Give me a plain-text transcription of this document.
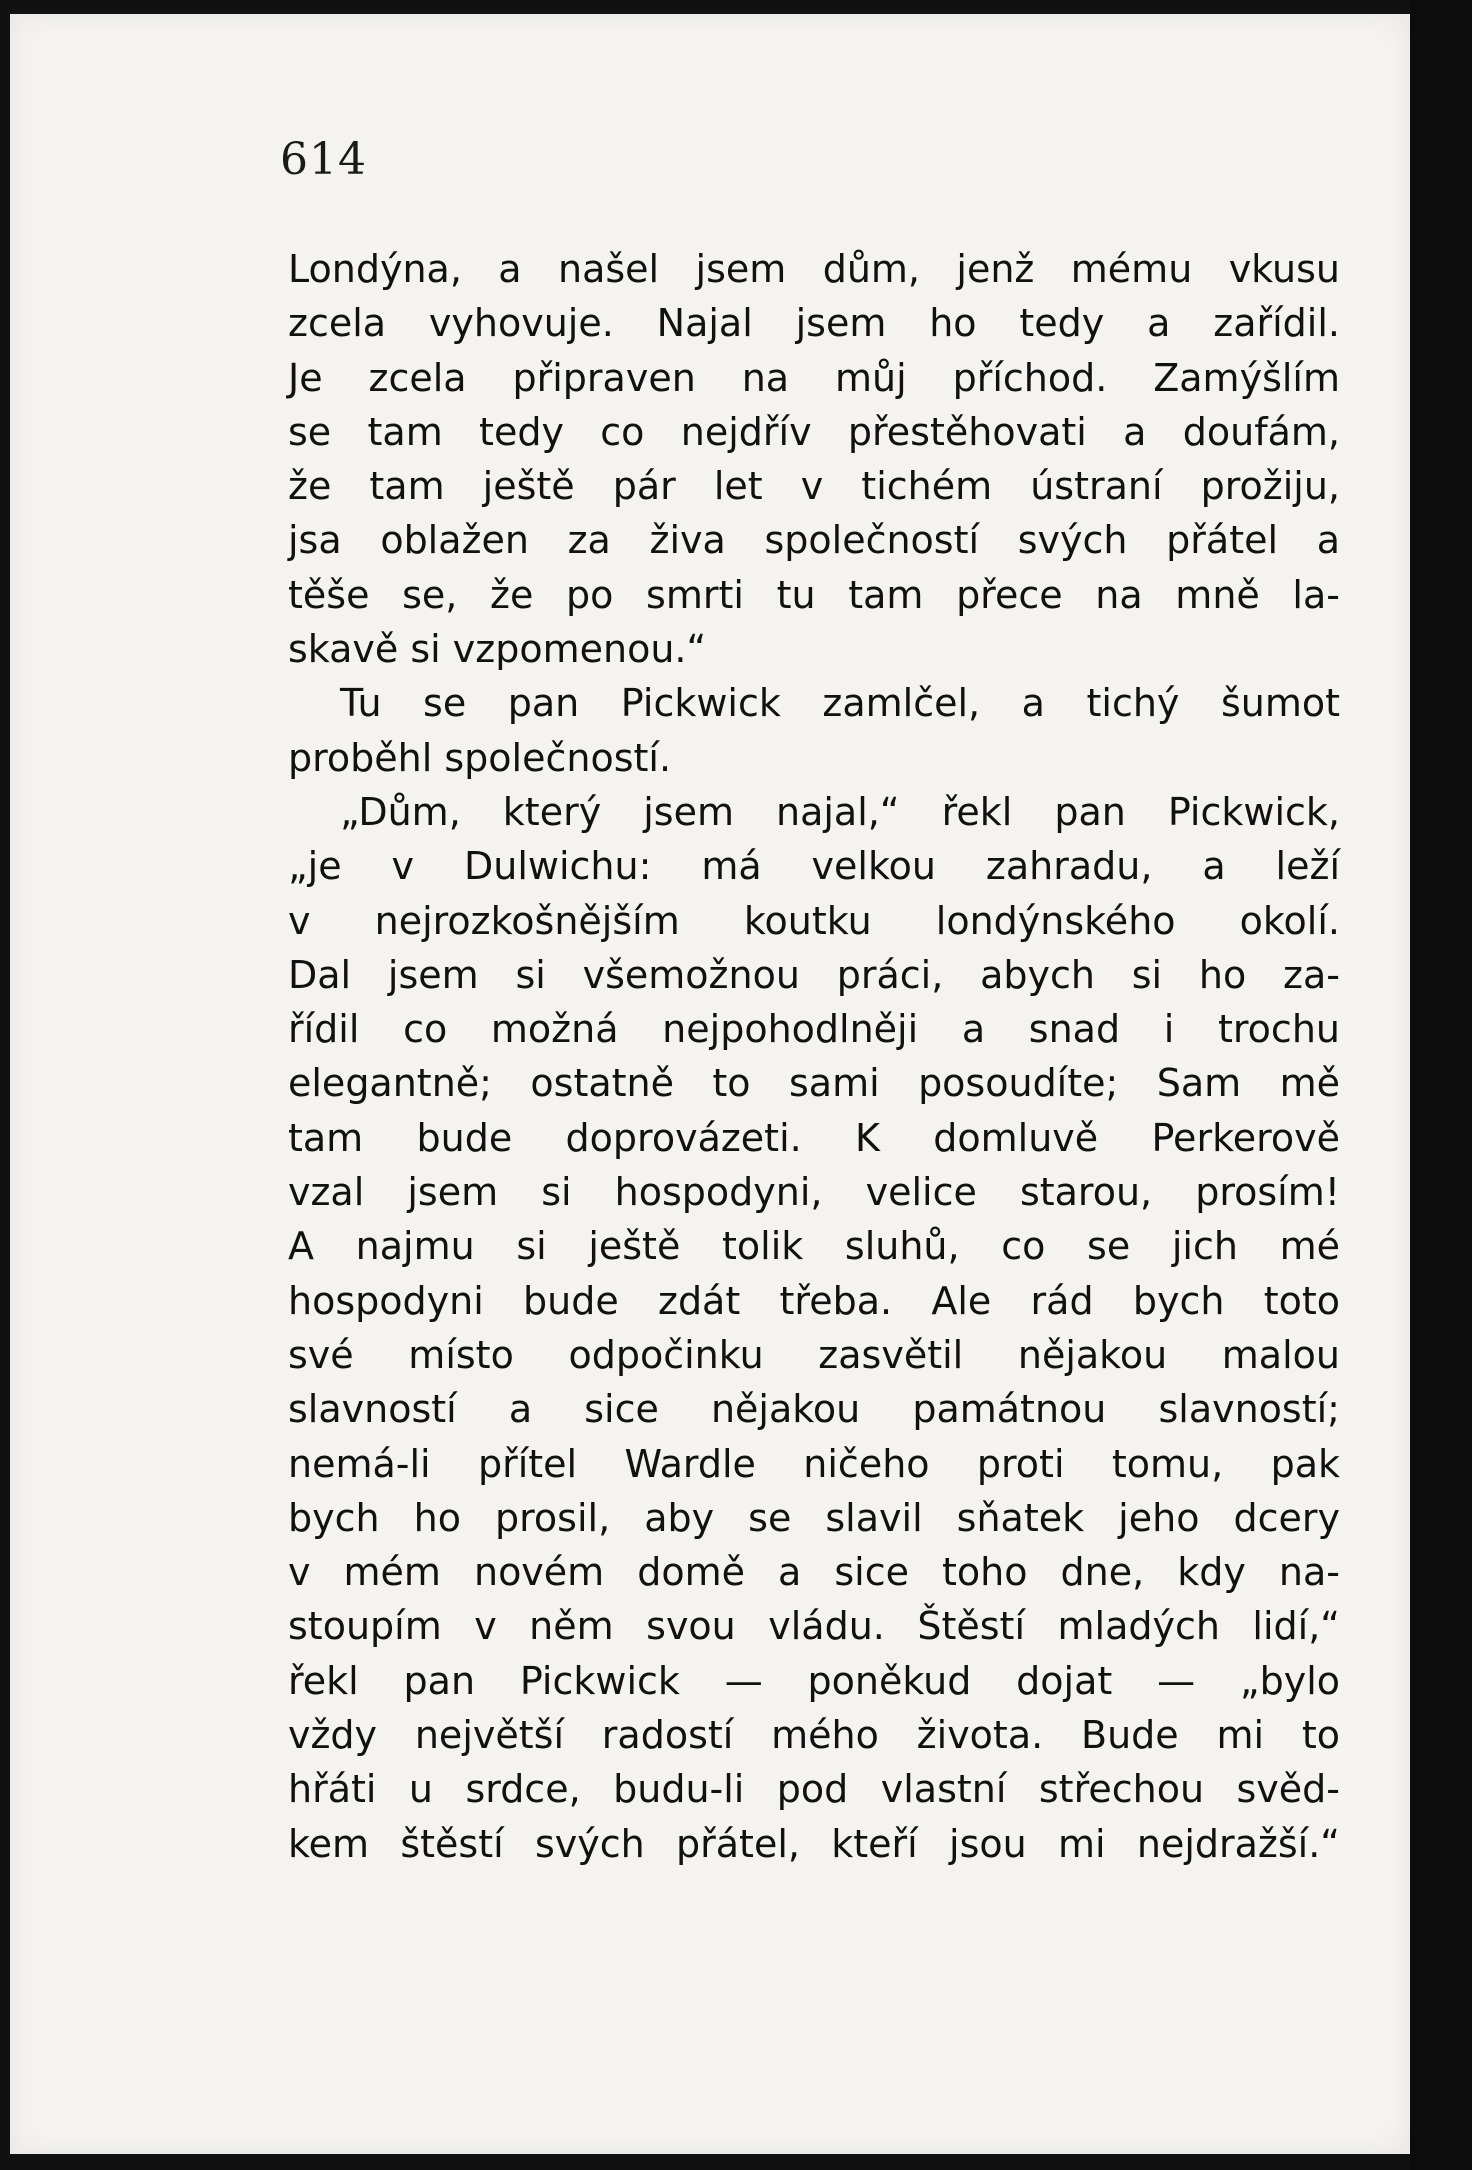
614

Londýna, a našel jsem dům, jenž mému vkusu
zcela vyhovuje. Najal jsem ho tedy a zařídil.
Je zcela připraven na můj příchod. Zamýšlím
se tam tedy co nejdřív přestěhovati a doufám,
že tam ještě pár let v tichém ústraní prožiju,
jsa oblažen za živa společností svých přátel a
těše se, že po smrti tu tam přece na mně la-
skavě si vzpomenou.“

Tu se pan Pickwick zamlčel, a tichý šumot
proběhl společností.

„Dům, který jsem najal,“ řekl pan Pickwick,
„je v Dulwichu: má velkou zahradu, a leží
v nejrozkošnějším koutku londýnského okolí.
Dal jsem si všemožnou práci, abych si ho za-
řídil co možná nejpohodlněji a snad i trochu
elegantně; ostatně to sami posoudíte; Sam mě
tam bude doprovázeti. K domluvě Perkerově
vzal jsem si hospodyni, velice starou, prosím!
A najmu si ještě tolik sluhů, co se jich mé
hospodyni bude zdát třeba. Ale rád bych toto
své místo odpočinku zasvětil nějakou malou
slavností a sice nějakou památnou slavností;
nemá-li přítel Wardle ničeho proti tomu, pak
bych ho prosil, aby se slavil sňatek jeho dcery
v mém novém domě a sice toho dne, kdy na-
stoupím v něm svou vládu. Štěstí mladých lidí,“
řekl pan Pickwick — poněkud dojat — „bylo
vždy největší radostí mého života. Bude mi to
hřáti u srdce, budu-li pod vlastní střechou svěd-
kem štěstí svých přátel, kteří jsou mi nejdražší.“
